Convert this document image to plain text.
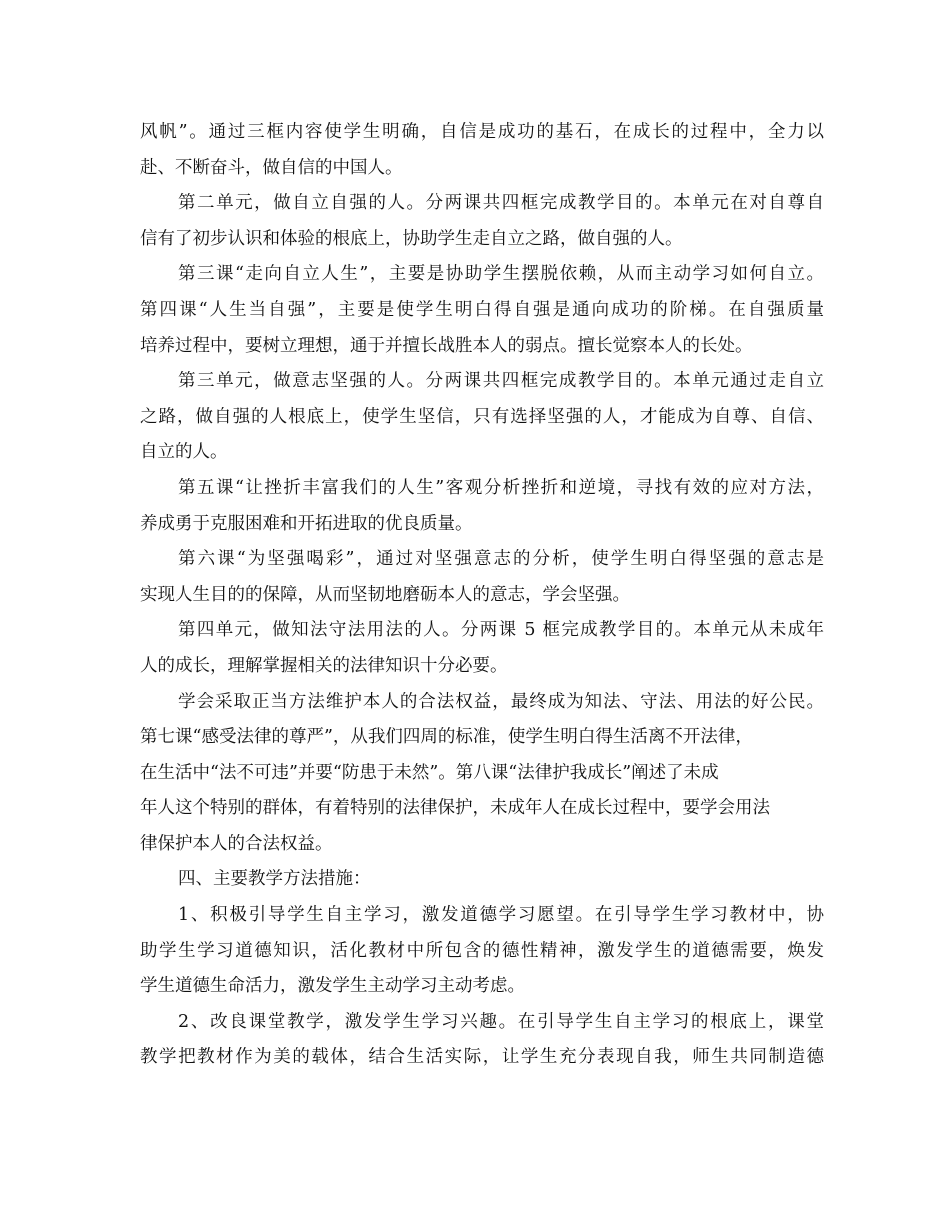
风帆”。通过三框内容使学生明确，自信是成功的基石，在成长的过程中，全力以
赴、不断奋斗，做自信的中国人。
第二单元，做自立自强的人。分两课共四框完成教学目的。本单元在对自尊自
信有了初步认识和体验的根底上，协助学生走自立之路，做自强的人。
第三课“走向自立人生”，主要是协助学生摆脱依赖，从而主动学习如何自立。
第四课“人生当自强”，主要是使学生明白得自强是通向成功的阶梯。在自强质量
培养过程中，要树立理想，通于并擅长战胜本人的弱点。擅长觉察本人的长处。
第三单元，做意志坚强的人。分两课共四框完成教学目的。本单元通过走自立
之路，做自强的人根底上，使学生坚信，只有选择坚强的人，才能成为自尊、自信、
自立的人。
第五课“让挫折丰富我们的人生”客观分析挫折和逆境，寻找有效的应对方法，
养成勇于克服困难和开拓进取的优良质量。
第六课“为坚强喝彩”，通过对坚强意志的分析，使学生明白得坚强的意志是
实现人生目的的保障，从而坚韧地磨砺本人的意志，学会坚强。
第四单元，做知法守法用法的人。分两课 5 框完成教学目的。本单元从未成年
人的成长，理解掌握相关的法律知识十分必要。
学会采取正当方法维护本人的合法权益，最终成为知法、守法、用法的好公民。
第七课“感受法律的尊严”，从我们四周的标准，使学生明白得生活离不开法律，
在生活中“法不可违”并要“防患于未然”。第八课“法律护我成长”阐述了未成
年人这个特别的群体，有着特别的法律保护，未成年人在成长过程中，要学会用法
律保护本人的合法权益。
四、主要教学方法措施：
1、积极引导学生自主学习，激发道德学习愿望。在引导学生学习教材中，协
助学生学习道德知识，活化教材中所包含的德性精神，激发学生的道德需要，焕发
学生道德生命活力，激发学生主动学习主动考虑。
2、改良课堂教学，激发学生学习兴趣。在引导学生自主学习的根底上，课堂
教学把教材作为美的载体，结合生活实际，让学生充分表现自我，师生共同制造德
